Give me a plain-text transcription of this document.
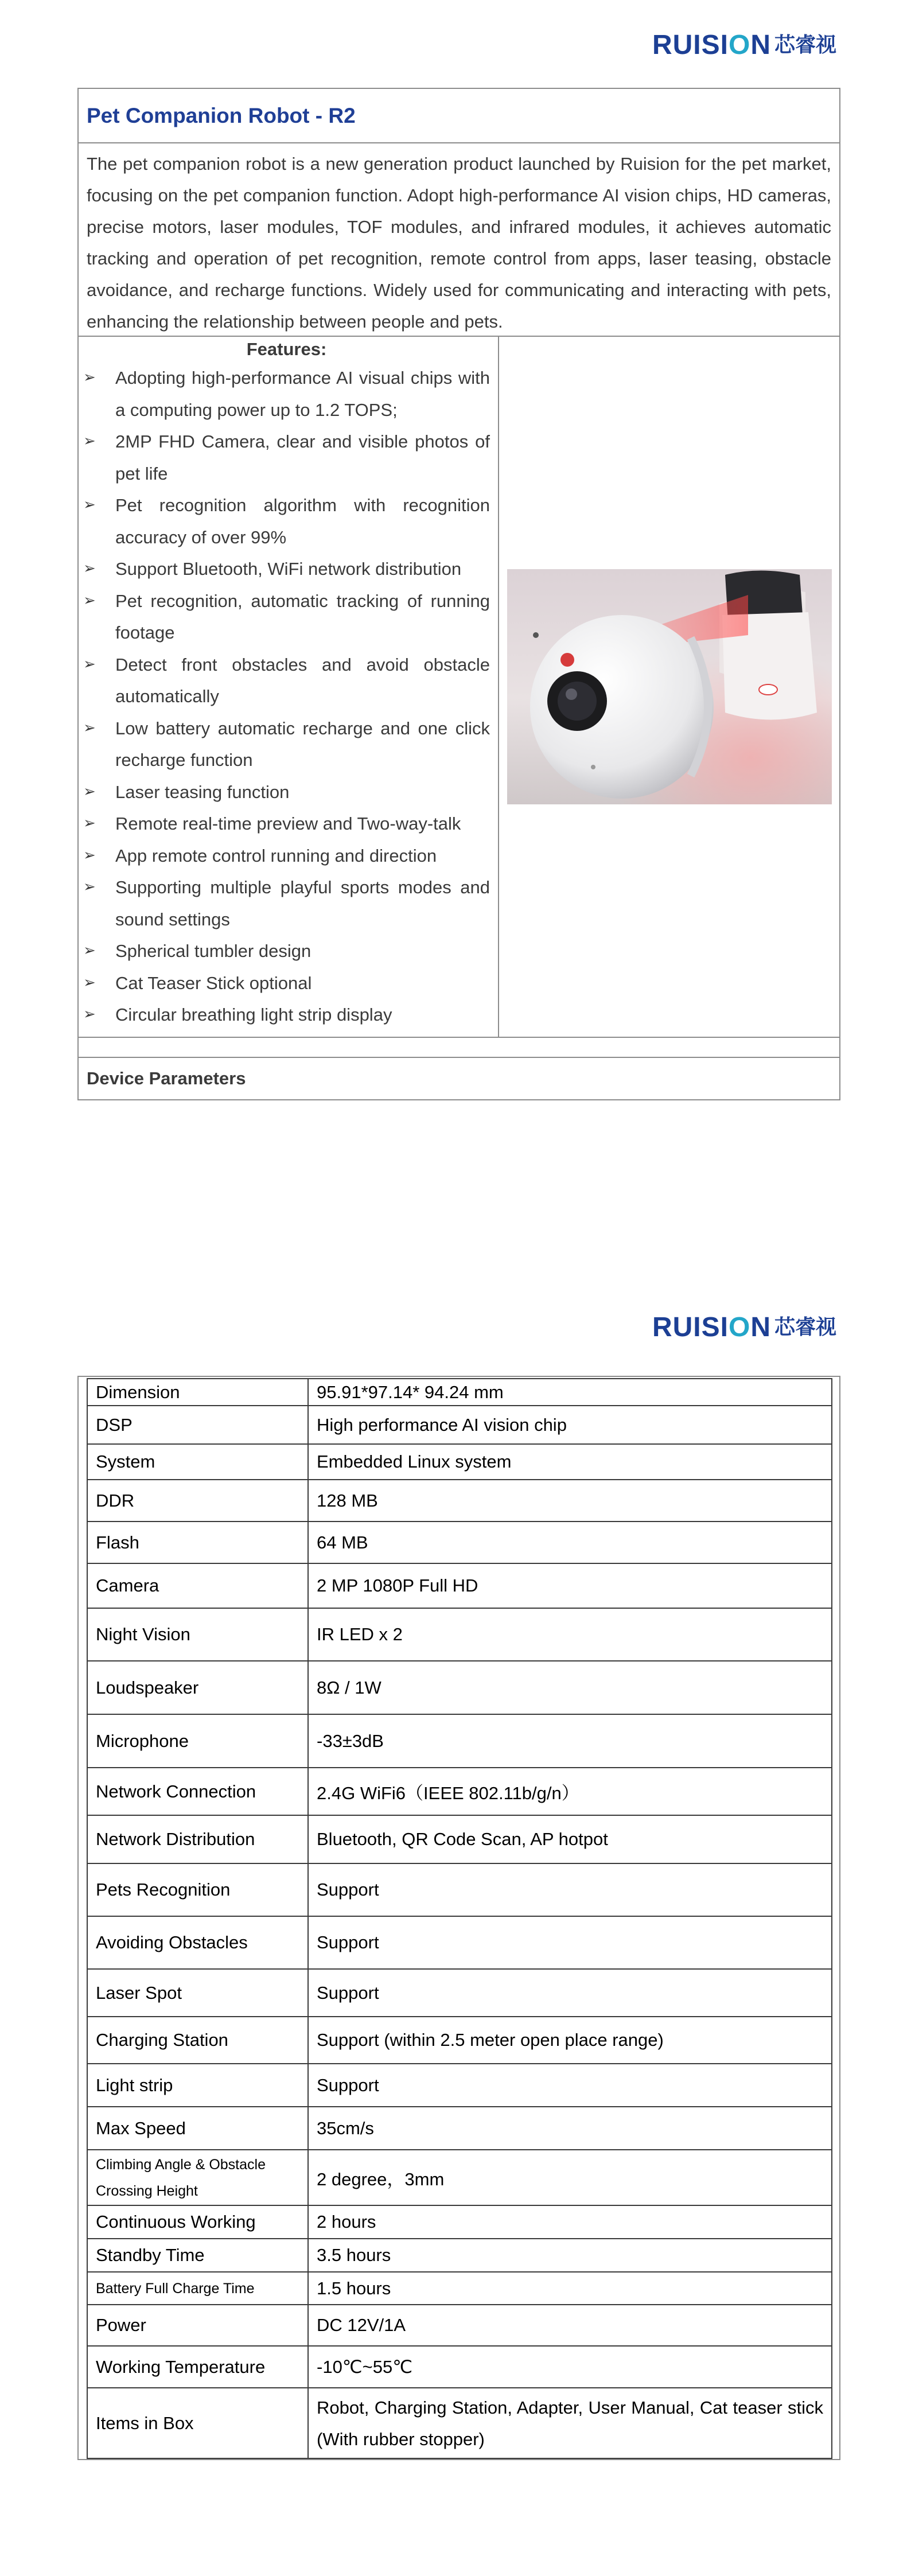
RUISION 芯睿视
Pet Companion Robot - R2
The pet companion robot is a new generation product launched by Ruision for the pet market, focusing on the pet companion function. Adopt high-performance AI vision chips, HD cameras, precise motors, laser modules, TOF modules, and infrared modules, it achieves automatic tracking and operation of pet recognition, remote control from apps, laser teasing, obstacle avoidance, and recharge functions. Widely used for communicating and interacting with pets, enhancing the relationship between people and pets.
Features:
➢	Adopting high-performance AI visual chips with a computing power up to 1.2 TOPS;
➢	2MP FHD Camera, clear and visible photos of pet life
➢	Pet recognition algorithm with recognition accuracy of over 99%
➢	Support Bluetooth, WiFi network distribution
➢	Pet recognition, automatic tracking of running footage
➢	Detect front obstacles and avoid obstacle automatically
➢	Low battery automatic recharge and one click recharge function
➢	Laser teasing function
➢	Remote real-time preview and Two-way-talk
➢	App remote control running and direction
➢	Supporting multiple playful sports modes and sound settings
➢	Spherical tumbler design
➢	Cat Teaser Stick optional
➢	Circular breathing light strip display
Device Parameters
RUISION 芯睿视
Dimension	95.91*97.14* 94.24 mm
DSP	High performance AI vision chip
System	Embedded Linux system
DDR	128 MB
Flash	64 MB
Camera	2 MP 1080P Full HD
Night Vision	IR LED x 2
Loudspeaker	8Ω / 1W
Microphone	-33±3dB
Network Connection	2.4G WiFi6（IEEE 802.11b/g/n）
Network Distribution	Bluetooth, QR Code Scan, AP hotpot
Pets Recognition	Support
Avoiding Obstacles	Support
Laser Spot	Support
Charging Station	Support (within 2.5 meter open place range)
Light strip	Support
Max Speed	35cm/s
Climbing Angle & Obstacle Crossing Height	2 degree，3mm
Continuous Working	2 hours
Standby Time	3.5 hours
Battery Full Charge Time	1.5 hours
Power	DC 12V/1A
Working Temperature	-10℃~55℃
Items in Box	Robot, Charging Station, Adapter, User Manual, Cat teaser stick (With rubber stopper)
